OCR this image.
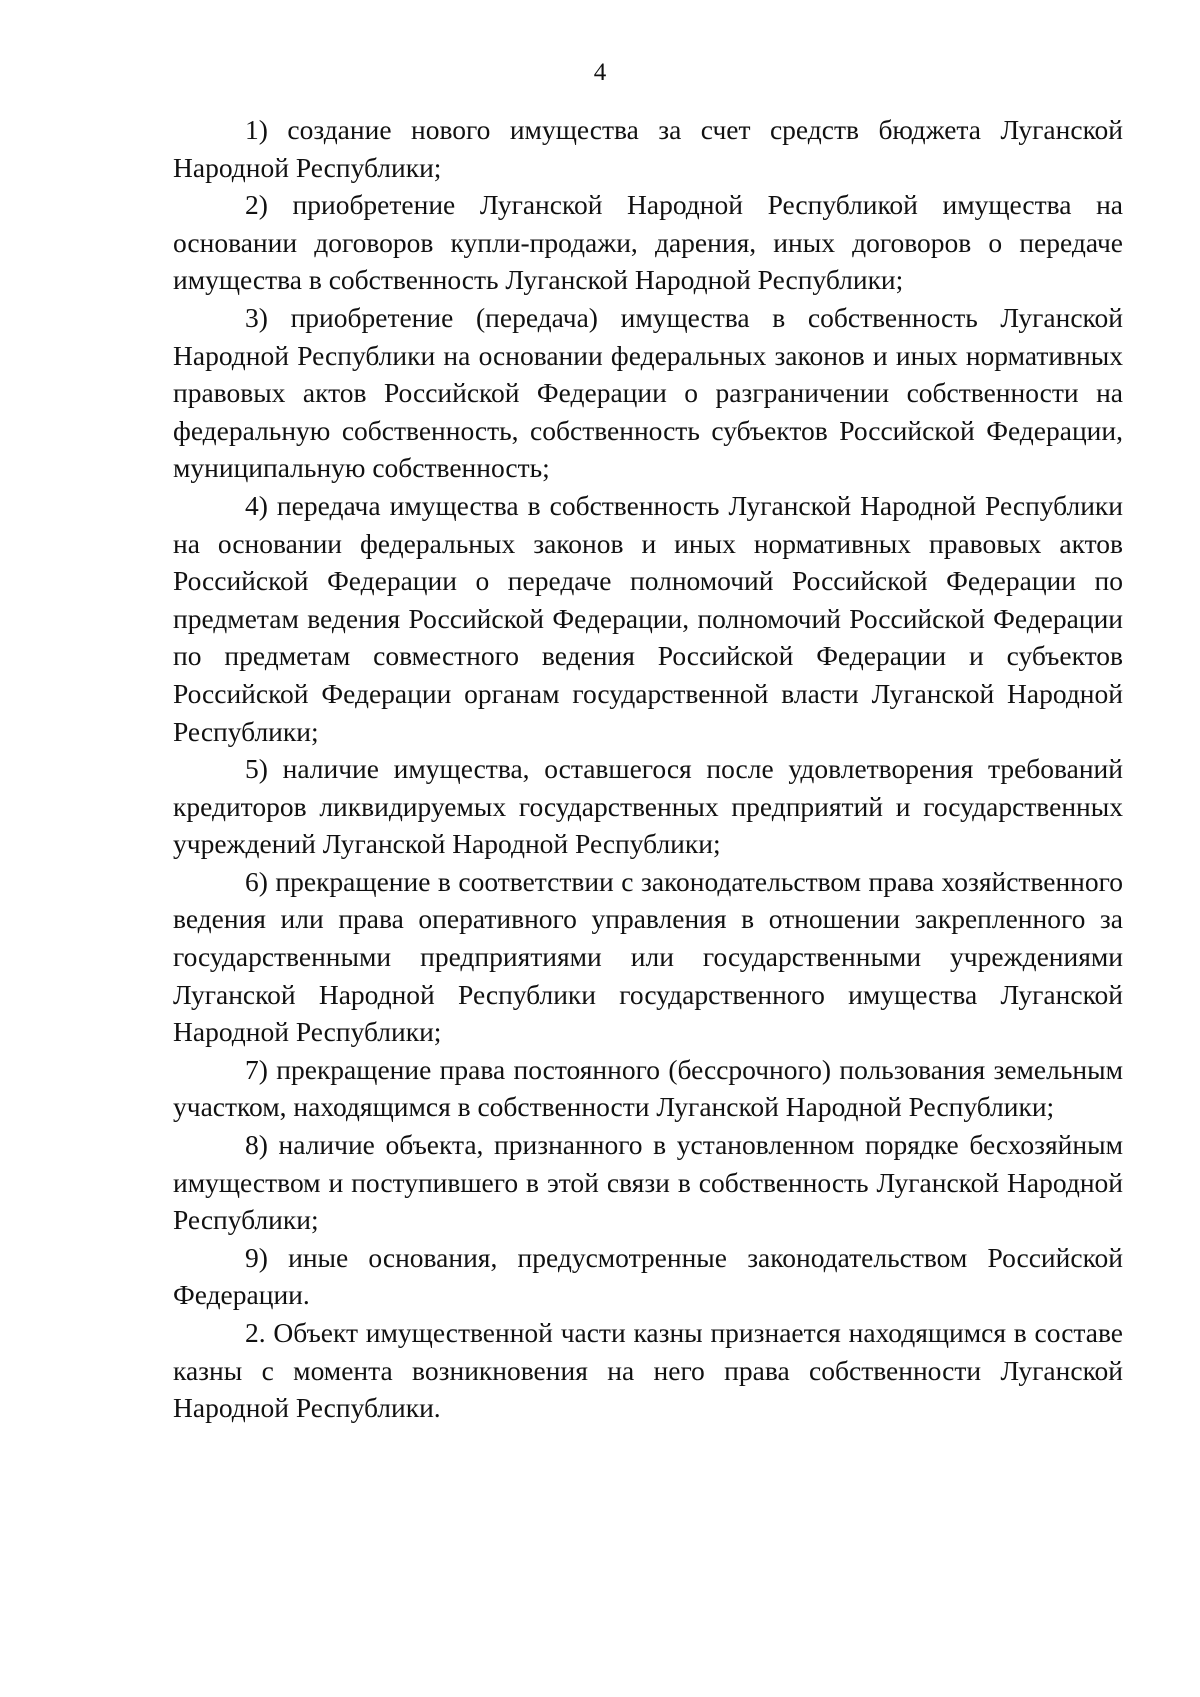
4

1) создание нового имущества за счет средств бюджета Луганской Народной Республики;

2) приобретение Луганской Народной Республикой имущества на основании договоров купли-продажи, дарения, иных договоров о передаче имущества в собственность Луганской Народной Республики;

3) приобретение (передача) имущества в собственность Луганской Народной Республики на основании федеральных законов и иных нормативных правовых актов Российской Федерации о разграничении собственности на федеральную собственность, собственность субъектов Российской Федерации, муниципальную собственность;

4) передача имущества в собственность Луганской Народной Республики на основании федеральных законов и иных нормативных правовых актов Российской Федерации о передаче полномочий Российской Федерации по предметам ведения Российской Федерации, полномочий Российской Федерации по предметам совместного ведения Российской Федерации и субъектов Российской Федерации органам государственной власти Луганской Народной Республики;

5) наличие имущества, оставшегося после удовлетворения требований кредиторов ликвидируемых государственных предприятий и государственных учреждений Луганской Народной Республики;

6) прекращение в соответствии с законодательством права хозяйственного ведения или права оперативного управления в отношении закрепленного за государственными предприятиями или государственными учреждениями Луганской Народной Республики государственного имущества Луганской Народной Республики;

7) прекращение права постоянного (бессрочного) пользования земельным участком, находящимся в собственности Луганской Народной Республики;

8) наличие объекта, признанного в установленном порядке бесхозяйным имуществом и поступившего в этой связи в собственность Луганской Народной Республики;

9) иные основания, предусмотренные законодательством Российской Федерации.

2. Объект имущественной части казны признается находящимся в составе казны с момента возникновения на него права собственности Луганской Народной Республики.
